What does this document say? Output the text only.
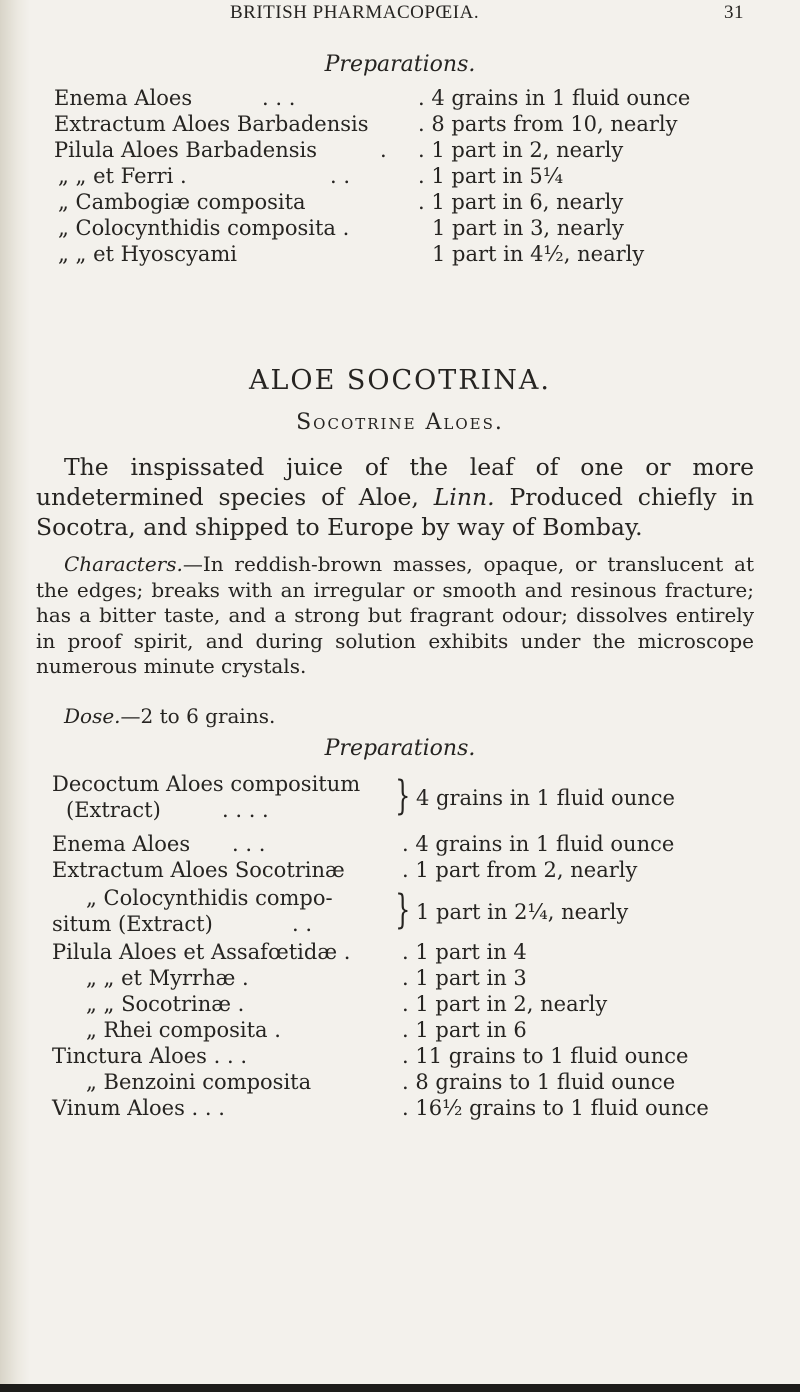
BRITISH PHARMACOPŒIA.	31
Preparations.
Enema Aloes	. . .	. 4 grains in 1 fluid ounce
Extractum Aloes Barbadensis . 8 parts from 10, nearly
Pilula Aloes Barbadensis	. . 1 part in 2, nearly
„ „ et Ferri .	. .	. 1 part in 5¼
„ Cambogiæ composita	. 1 part in 6, nearly
„ Colocynthidis composita .	1 part in 3, nearly
„ „ et Hyoscyami	1 part in 4½, nearly
ALOE SOCOTRINA.
Socotrine Aloes.

The inspissated juice of the leaf of one or more undetermined species of Aloe, Linn. Produced chiefly in Socotra, and shipped to Europe by way of Bombay.

Characters.—In reddish-brown masses, opaque, or translucent at the edges; breaks with an irregular or smooth and resinous fracture; has a bitter taste, and a strong but fragrant odour; dissolves entirely in proof spirit, and during solution exhibits under the microscope numerous minute crystals.

Dose.—2 to 6 grains.

Preparations.
Decoctum Aloes compositum
(Extract)	. . . .	} 4 grains in 1 fluid ounce
Enema Aloes . . .	. 4 grains in 1 fluid ounce
Extractum Aloes Socotrinæ	. 1 part from 2, nearly
„ Colocynthidis compo-
situm (Extract)	. . } 1 part in 2¼, nearly
Pilula Aloes et Assafœtidæ . . 1 part in 4
„ „ et Myrrhæ .	. 1 part in 3
„ „ Socotrinæ .	. 1 part in 2, nearly
„ Rhei composita .	. 1 part in 6
Tinctura Aloes . . .	. 11 grains to 1 fluid ounce
„ Benzoini composita	. 8 grains to 1 fluid ounce
Vinum Aloes . . .	. 16½ grains to 1 fluid ounce
